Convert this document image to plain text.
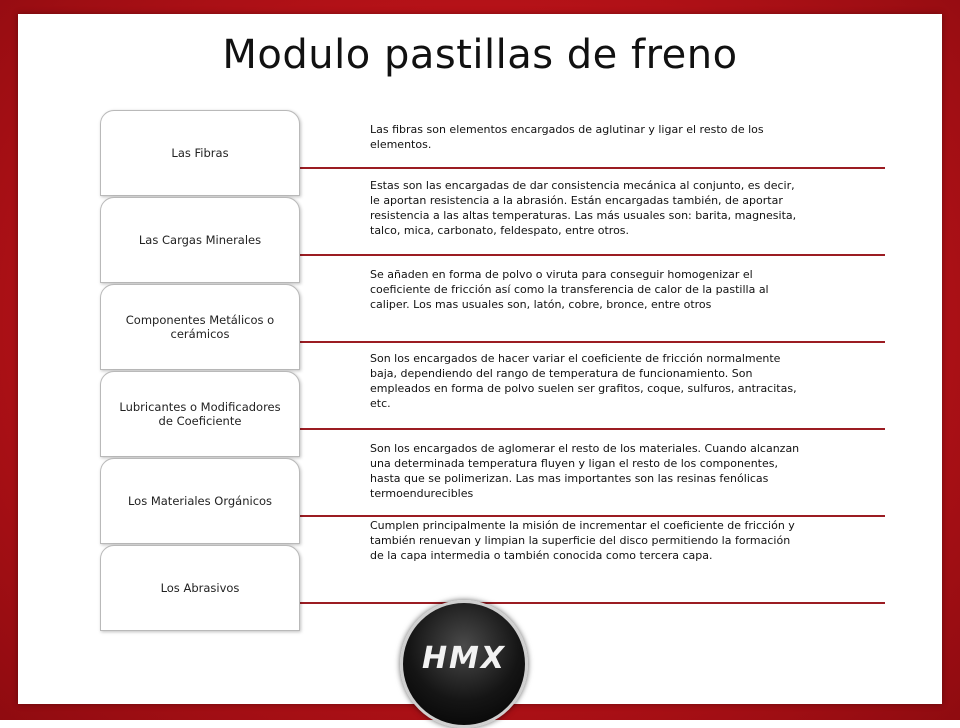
Modulo pastillas de freno
Las Fibras
Las fibras son elementos encargados de aglutinar y ligar el resto de los elementos.
Las Cargas Minerales
Estas son las encargadas de dar consistencia mecánica al conjunto, es decir, le aportan resistencia a la abrasión. Están encargadas también, de aportar resistencia a las altas temperaturas. Las más usuales son: barita, magnesita, talco, mica, carbonato, feldespato, entre otros.
Componentes Metálicos o cerámicos
Se añaden en forma de polvo o viruta para conseguir homogenizar el coeficiente de fricción así como la transferencia de calor de la pastilla al caliper. Los mas usuales son, latón, cobre, bronce, entre otros
Lubricantes o Modificadores de Coeficiente
Son los encargados de hacer variar el coeficiente de fricción normalmente baja, dependiendo del rango de temperatura de funcionamiento. Son empleados en forma de polvo suelen ser grafitos, coque, sulfuros, antracitas, etc.
Los Materiales Orgánicos
Son los encargados de aglomerar el resto de los materiales. Cuando alcanzan una determinada temperatura fluyen y ligan el resto de los componentes, hasta que se polimerizan. Las mas importantes son las resinas fenólicas termoendurecibles
Los Abrasivos
Cumplen principalmente la misión de incrementar el coeficiente de fricción y también renuevan y limpian la superficie del disco permitiendo la formación de la capa intermedia o también conocida como tercera capa.
HMX
